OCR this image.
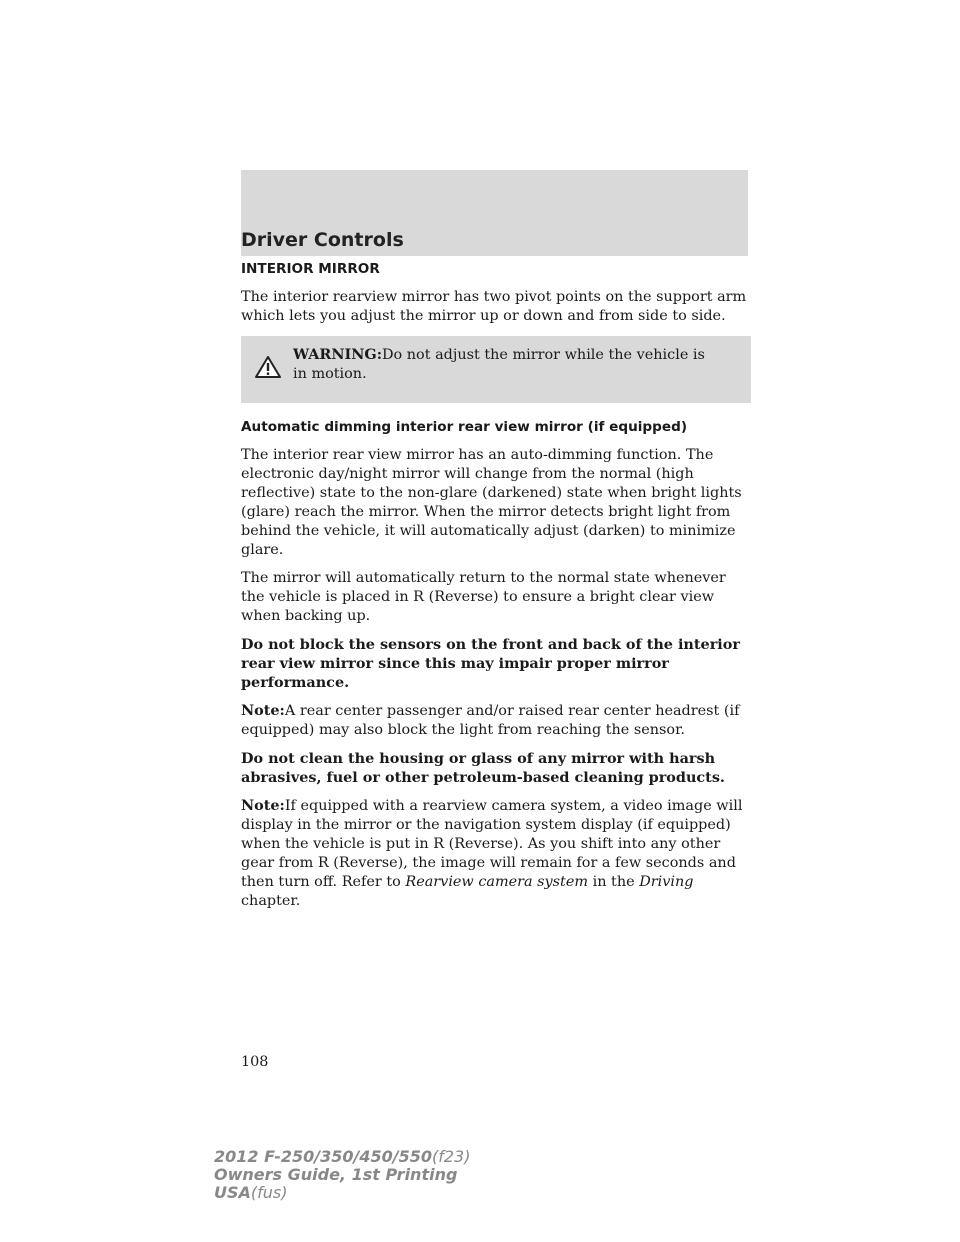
Driver Controls
INTERIOR MIRROR

The interior rearview mirror has two pivot points on the support arm which lets you adjust the mirror up or down and from side to side.

WARNING:Do not adjust the mirror while the vehicle is in motion.
Automatic dimming interior rear view mirror (if equipped)

The interior rear view mirror has an auto-dimming function. The electronic day/night mirror will change from the normal (high reflective) state to the non-glare (darkened) state when bright lights (glare) reach the mirror. When the mirror detects bright light from behind the vehicle, it will automatically adjust (darken) to minimize glare.

The mirror will automatically return to the normal state whenever the vehicle is placed in R (Reverse) to ensure a bright clear view when backing up.

Do not block the sensors on the front and back of the interior rear view mirror since this may impair proper mirror performance.

Note:A rear center passenger and/or raised rear center headrest (if equipped) may also block the light from reaching the sensor.

Do not clean the housing or glass of any mirror with harsh abrasives, fuel or other petroleum-based cleaning products.

Note:If equipped with a rearview camera system, a video image will display in the mirror or the navigation system display (if equipped) when the vehicle is put in R (Reverse). As you shift into any other gear from R (Reverse), the image will remain for a few seconds and then turn off. Refer to Rearview camera system in the Driving chapter.

108
2012 F-250/350/450/550(f23)
Owners Guide, 1st Printing
USA(fus)
